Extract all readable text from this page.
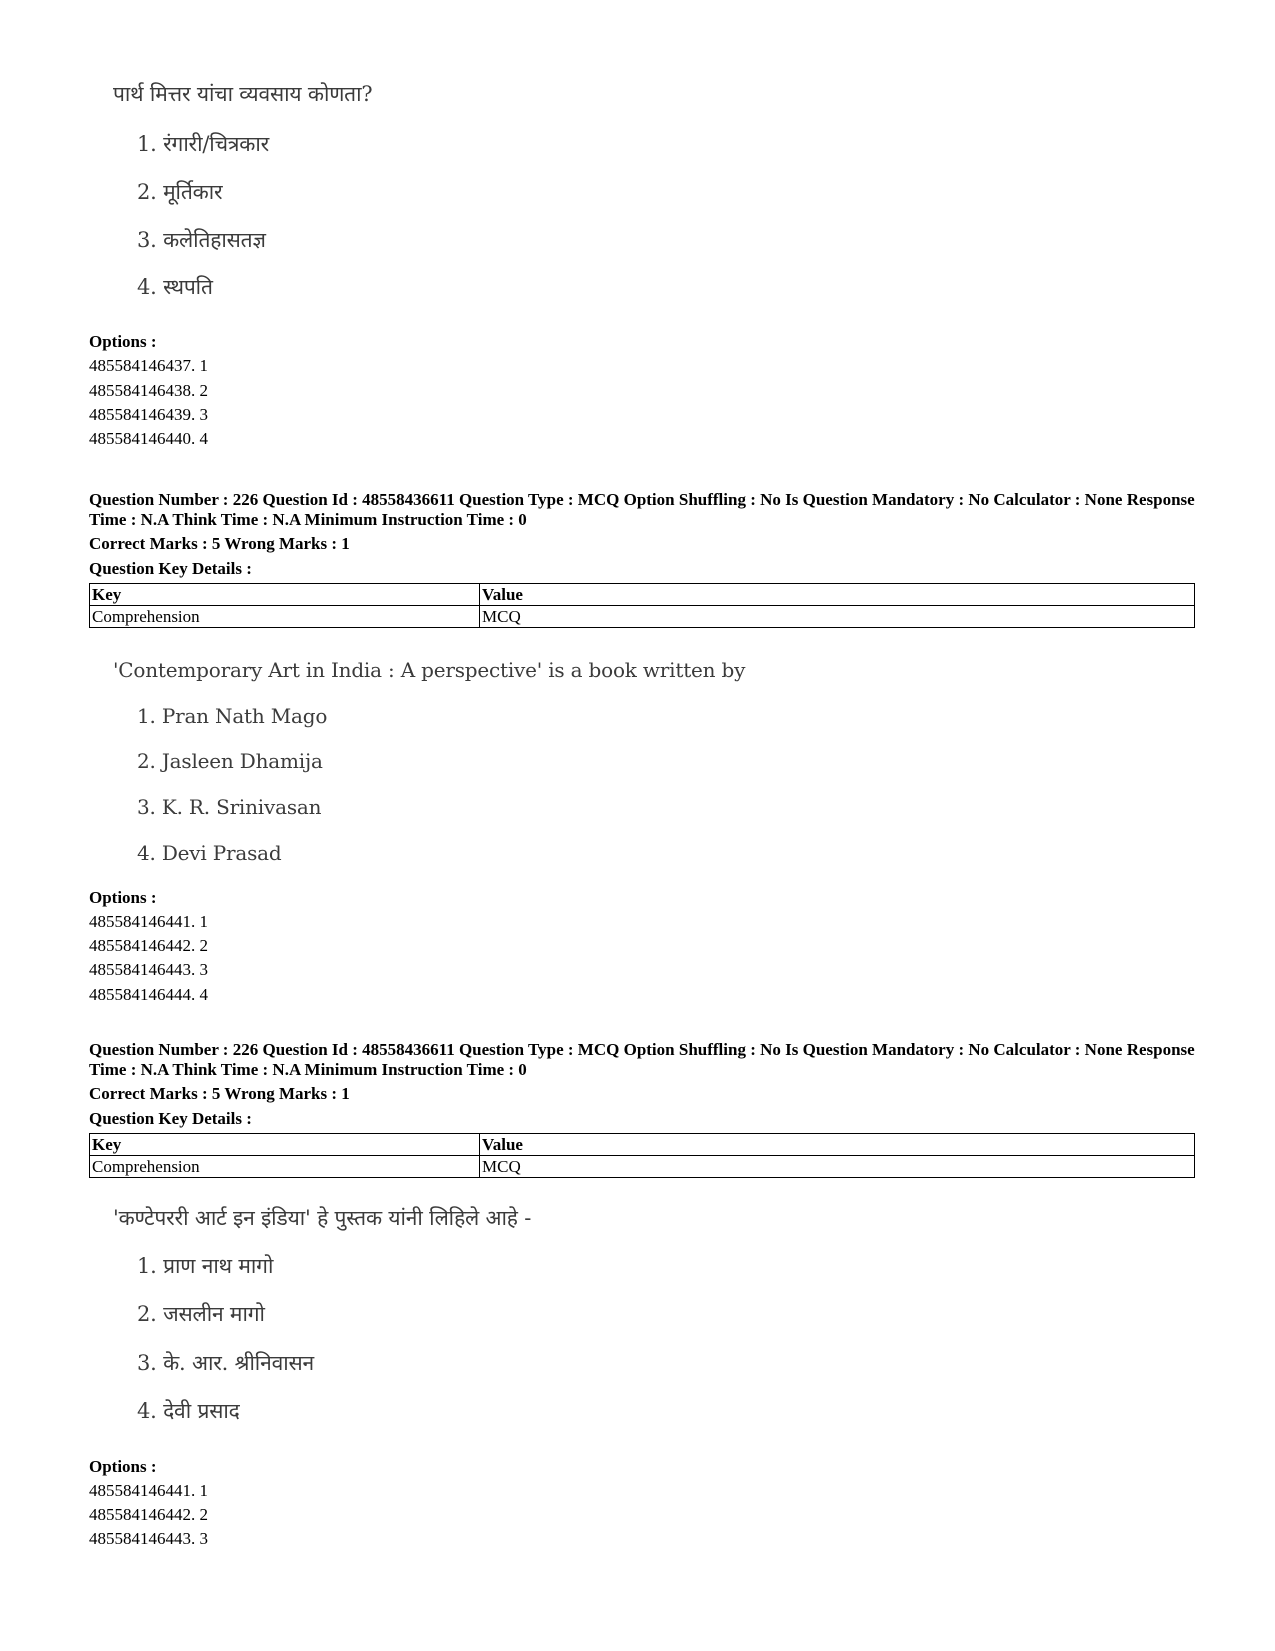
पार्थ मित्तर यांचा व्यवसाय कोणता?
1. रंगारी/चित्रकार
2. मूर्तिकार
3. कलेतिहासतज्ञ
4. स्थपति
Options :
485584146437. 1
485584146438. 2
485584146439. 3
485584146440. 4
Question Number : 226 Question Id : 48558436611 Question Type : MCQ Option Shuffling : No Is Question Mandatory : No Calculator : None Response Time : N.A Think Time : N.A Minimum Instruction Time : 0
Correct Marks : 5 Wrong Marks : 1
Question Key Details :
Key	Value
Comprehension	MCQ
'Contemporary Art in India : A perspective' is a book written by
1. Pran Nath Mago
2. Jasleen Dhamija
3. K. R. Srinivasan
4. Devi Prasad
Options :
485584146441. 1
485584146442. 2
485584146443. 3
485584146444. 4
Question Number : 226 Question Id : 48558436611 Question Type : MCQ Option Shuffling : No Is Question Mandatory : No Calculator : None Response Time : N.A Think Time : N.A Minimum Instruction Time : 0
Correct Marks : 5 Wrong Marks : 1
Question Key Details :
Key	Value
Comprehension	MCQ
'कण्टेपररी आर्ट इन इंडिया' हे पुस्तक यांनी लिहिले आहे -
1. प्राण नाथ मागो
2. जसलीन मागो
3. के. आर. श्रीनिवासन
4. देवी प्रसाद
Options :
485584146441. 1
485584146442. 2
485584146443. 3
